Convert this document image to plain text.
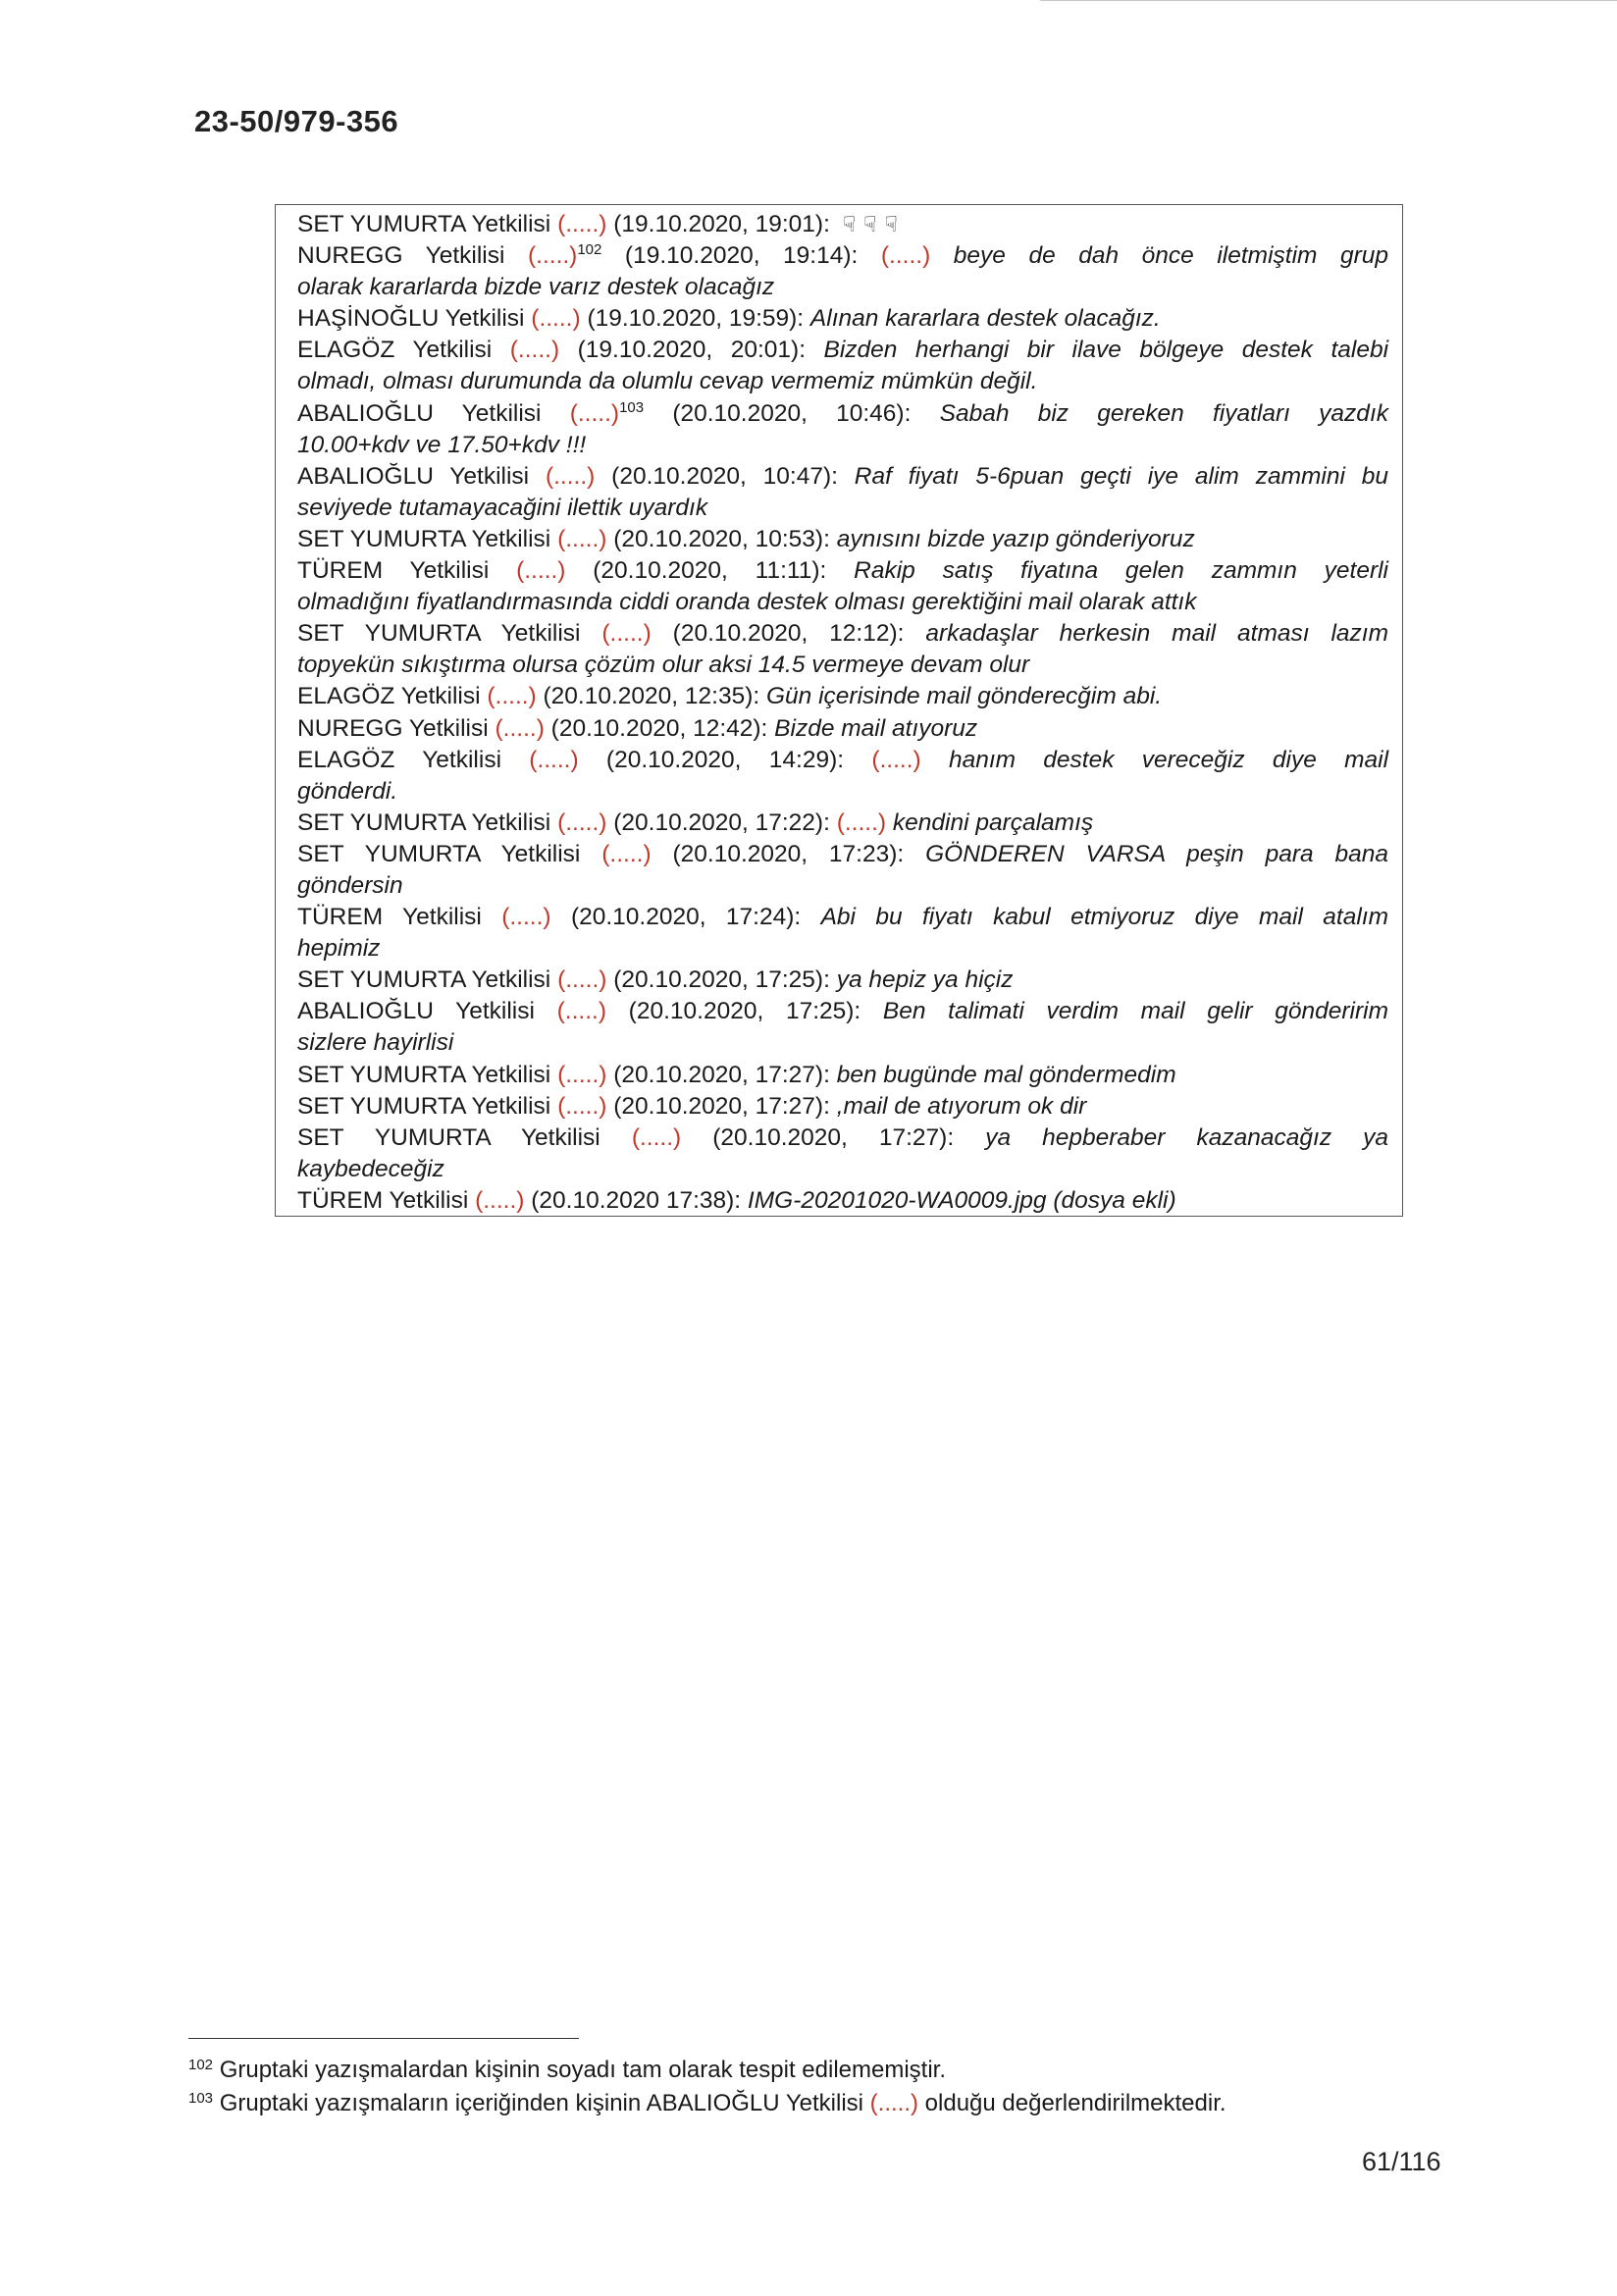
23-50/979-356
SET YUMURTA Yetkilisi (.....) (19.10.2020, 19:01): ☟☟☟
NUREGG Yetkilisi (.....)$^{102}$ (19.10.2020, 19:14): (.....) beye de dah önce iletmiştim grup
olarak kararlarda bizde varız destek olacağız
HAŞİNOĞLU Yetkilisi (.....) (19.10.2020, 19:59): Alınan kararlara destek olacağız.
ELAGÖZ Yetkilisi (.....) (19.10.2020, 20:01): Bizden herhangi bir ilave bölgeye destek talebi
olmadı, olması durumunda da olumlu cevap vermemiz mümkün değil.
ABALIOĞLU Yetkilisi (.....)$^{103}$ (20.10.2020, 10:46): Sabah biz gereken fiyatları yazdık
10.00+kdv ve 17.50+kdv !!!
ABALIOĞLU Yetkilisi (.....) (20.10.2020, 10:47): Raf fiyatı 5-6puan geçti iye alim zammini bu
seviyede tutamayacağini ilettik uyardık
SET YUMURTA Yetkilisi (.....) (20.10.2020, 10:53): aynısını bizde yazıp gönderiyoruz
TÜREM Yetkilisi (.....) (20.10.2020, 11:11): Rakip satış fiyatına gelen zammın yeterli
olmadığını fiyatlandırmasında ciddi oranda destek olması gerektiğini mail olarak attık
SET YUMURTA Yetkilisi (.....) (20.10.2020, 12:12): arkadaşlar herkesin mail atması lazım
topyekün sıkıştırma olursa çözüm olur aksi 14.5 vermeye devam olur
ELAGÖZ Yetkilisi (.....) (20.10.2020, 12:35): Gün içerisinde mail gönderecğim abi.
NUREGG Yetkilisi (.....) (20.10.2020, 12:42): Bizde mail atıyoruz
ELAGÖZ Yetkilisi (.....) (20.10.2020, 14:29): (.....) hanım destek vereceğiz diye mail
gönderdi.
SET YUMURTA Yetkilisi (.....) (20.10.2020, 17:22): (.....) kendini parçalamış
SET YUMURTA Yetkilisi (.....) (20.10.2020, 17:23): GÖNDEREN VARSA peşin para bana
göndersin
TÜREM Yetkilisi (.....) (20.10.2020, 17:24): Abi bu fiyatı kabul etmiyoruz diye mail atalım
hepimiz
SET YUMURTA Yetkilisi (.....) (20.10.2020, 17:25): ya hepiz ya hiçiz
ABALIOĞLU Yetkilisi (.....) (20.10.2020, 17:25): Ben talimati verdim mail gelir gönderirim
sizlere hayirlisi
SET YUMURTA Yetkilisi (.....) (20.10.2020, 17:27): ben bugünde mal göndermedim
SET YUMURTA Yetkilisi (.....) (20.10.2020, 17:27): ,mail de atıyorum ok dir
SET YUMURTA Yetkilisi (.....) (20.10.2020, 17:27): ya hepberaber kazanacağız ya
kaybedeceğiz
TÜREM Yetkilisi (.....) (20.10.2020 17:38): IMG-20201020-WA0009.jpg (dosya ekli)
$^{102}$ Gruptaki yazışmalardan kişinin soyadı tam olarak tespit edilememiştir.
$^{103}$ Gruptaki yazışmaların içeriğinden kişinin ABALIOĞLU Yetkilisi (.....) olduğu değerlendirilmektedir.
61/116
